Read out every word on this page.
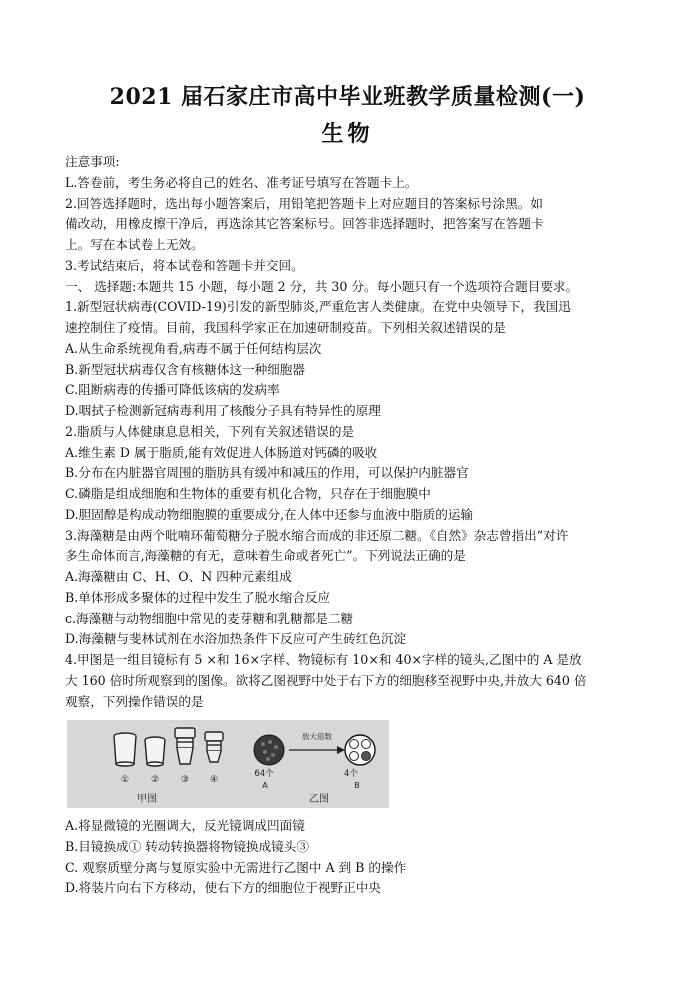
2021 届石家庄市高中毕业班教学质量检测(一)
生物
注意事项:
L.答卷前，考生务必将自己的姓名、准考证号填写在答题卡上。
2.回答选择题时，选出每小题答案后，用铅笔把答题卡上对应题目的答案标号涂黑。如
備改动，用橡皮擦干净后，再选涂其它答案标号。回答非选择题时，把答案写在答题卡
上。写在本试卷上无效。
3.考试结束后，将本试卷和答题卡并交回。
一、 选择题:本题共 15 小题，每小题 2 分，共 30 分。每小题只有一个选项符合题目要求。
1.新型冠状病毒(COVID-19)引发的新型肺炎,严重危害人类健康。在党中央领导下，我国迅
速控制住了疫情。目前，我国科学家正在加速研制疫苗。下列相关叙述错误的是
A.从生命系统视角看,病毒不属于任何结构层次
B.新型冠状病毒仅含有核糖体这一种细胞器
C.阻断病毒的传播可降低该病的发病率
D.咽拭子检测新冠病毒利用了核酸分子具有特异性的原理
2.脂质与人体健康息息相关，下列有关叙述错误的是
A.维生素 D 属于脂质,能有效促进人体肠道对钙磷的吸收
B.分布在内脏器官周围的脂肪具有缓冲和减压的作用，可以保护内脏器官
C.磷脂是组成细胞和生物体的重要有机化合物，只存在于细胞膜中
D.胆固醇是构成动物细胞膜的重要成分,在人体中还参与血液中脂质的运输
3.海藻糖是由两个吡喃环葡萄糖分子脱水缩合而成的非还原二糖。《自然》杂志曾指出“对许
多生命体而言,海藻糖的有无，意味着生命或者死亡”。下列说法正确的是
A.海藻糖由 C、H、O、N 四种元素组成
B.单体形成多聚体的过程中发生了脱水缩合反应
c.海藻糖与动物细胞中常见的麦芽糖和乳糖都是二糖
D.海藻糖与斐林试剂在水浴加热条件下反应可产生砖红色沉淀
4.甲图是一组目镜标有 5 ×和 16×字样、物镜标有 10×和 40×字样的镜头,乙图中的 A 是放
大 160 倍时所观察到的图像。欲将乙图视野中处于右下方的细胞移至视野中央,并放大 640 倍
观察，下列操作错误的是
① ② ③ ④
甲图
64个
A
放大倍数
4个
B
乙图
A.将显微镜的光圈调大，反光镜调成凹面镜
B.目镜换成① 转动转换器将物镜换成镜头③
C. 观察质壁分离与复原实验中无需进行乙图中 A 到 B 的操作
D.将装片向右下方移动，使右下方的细胞位于视野正中央
